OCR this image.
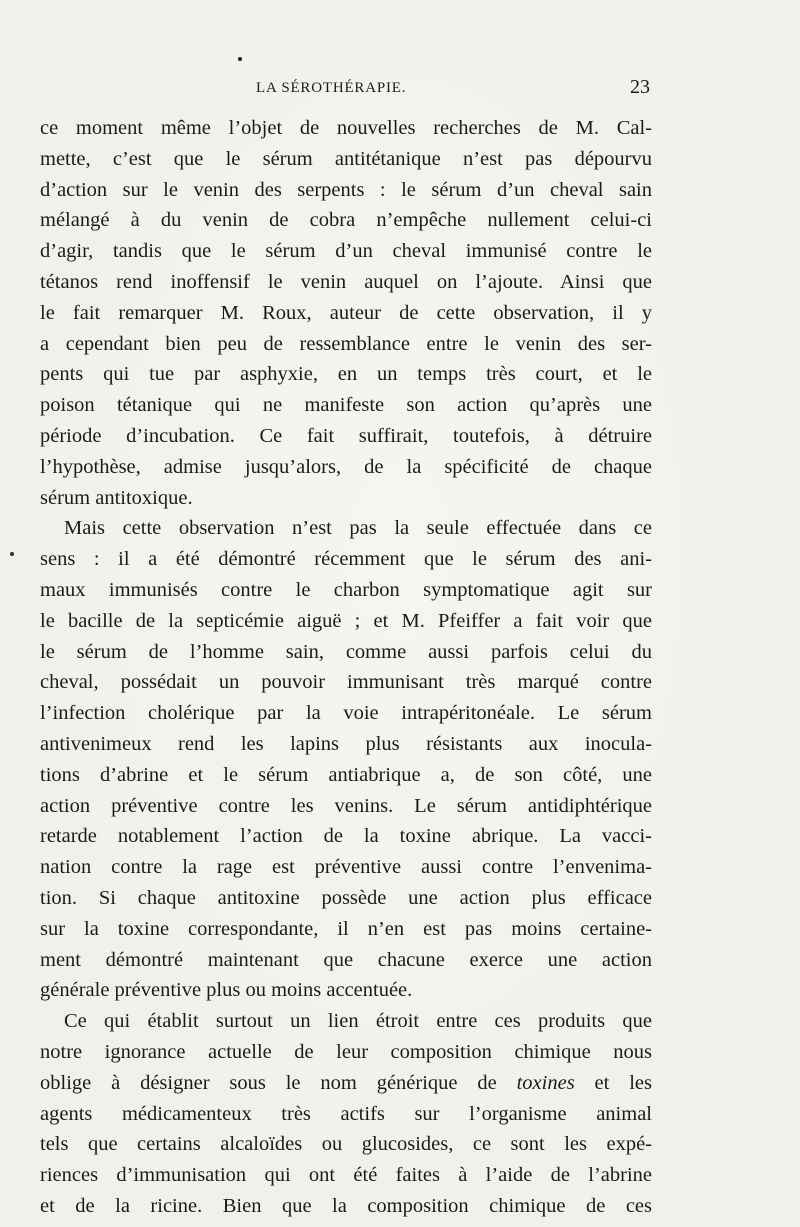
LA SÉROTHÉRAPIE.	23
ce moment même l’objet de nouvelles recherches de M. Cal-
mette, c’est que le sérum antitétanique n’est pas dépourvu
d’action sur le venin des serpents : le sérum d’un cheval sain
mélangé à du venin de cobra n’empêche nullement celui-ci
d’agir, tandis que le sérum d’un cheval immunisé contre le
tétanos rend inoffensif le venin auquel on l’ajoute. Ainsi que
le fait remarquer M. Roux, auteur de cette observation, il y
a cependant bien peu de ressemblance entre le venin des ser-
pents qui tue par asphyxie, en un temps très court, et le
poison tétanique qui ne manifeste son action qu’après une
période d’incubation. Ce fait suffirait, toutefois, à détruire
l’hypothèse, admise jusqu’alors, de la spécificité de chaque
sérum antitoxique.
Mais cette observation n’est pas la seule effectuée dans ce
sens : il a été démontré récemment que le sérum des ani-
maux immunisés contre le charbon symptomatique agit sur
le bacille de la septicémie aiguë ; et M. Pfeiffer a fait voir que
le sérum de l’homme sain, comme aussi parfois celui du
cheval, possédait un pouvoir immunisant très marqué contre
l’infection cholérique par la voie intrapéritonéale. Le sérum
antivenimeux rend les lapins plus résistants aux inocula-
tions d’abrine et le sérum antiabrique a, de son côté, une
action préventive contre les venins. Le sérum antidiphtérique
retarde notablement l’action de la toxine abrique. La vacci-
nation contre la rage est préventive aussi contre l’envenima-
tion. Si chaque antitoxine possède une action plus efficace
sur la toxine correspondante, il n’en est pas moins certaine-
ment démontré maintenant que chacune exerce une action
générale préventive plus ou moins accentuée.
Ce qui établit surtout un lien étroit entre ces produits que
notre ignorance actuelle de leur composition chimique nous
oblige à désigner sous le nom générique de toxines et les
agents médicamenteux très actifs sur l’organisme animal
tels que certains alcaloïdes ou glucosides, ce sont les expé-
riences d’immunisation qui ont été faites à l’aide de l’abrine
et de la ricine. Bien que la composition chimique de ces
